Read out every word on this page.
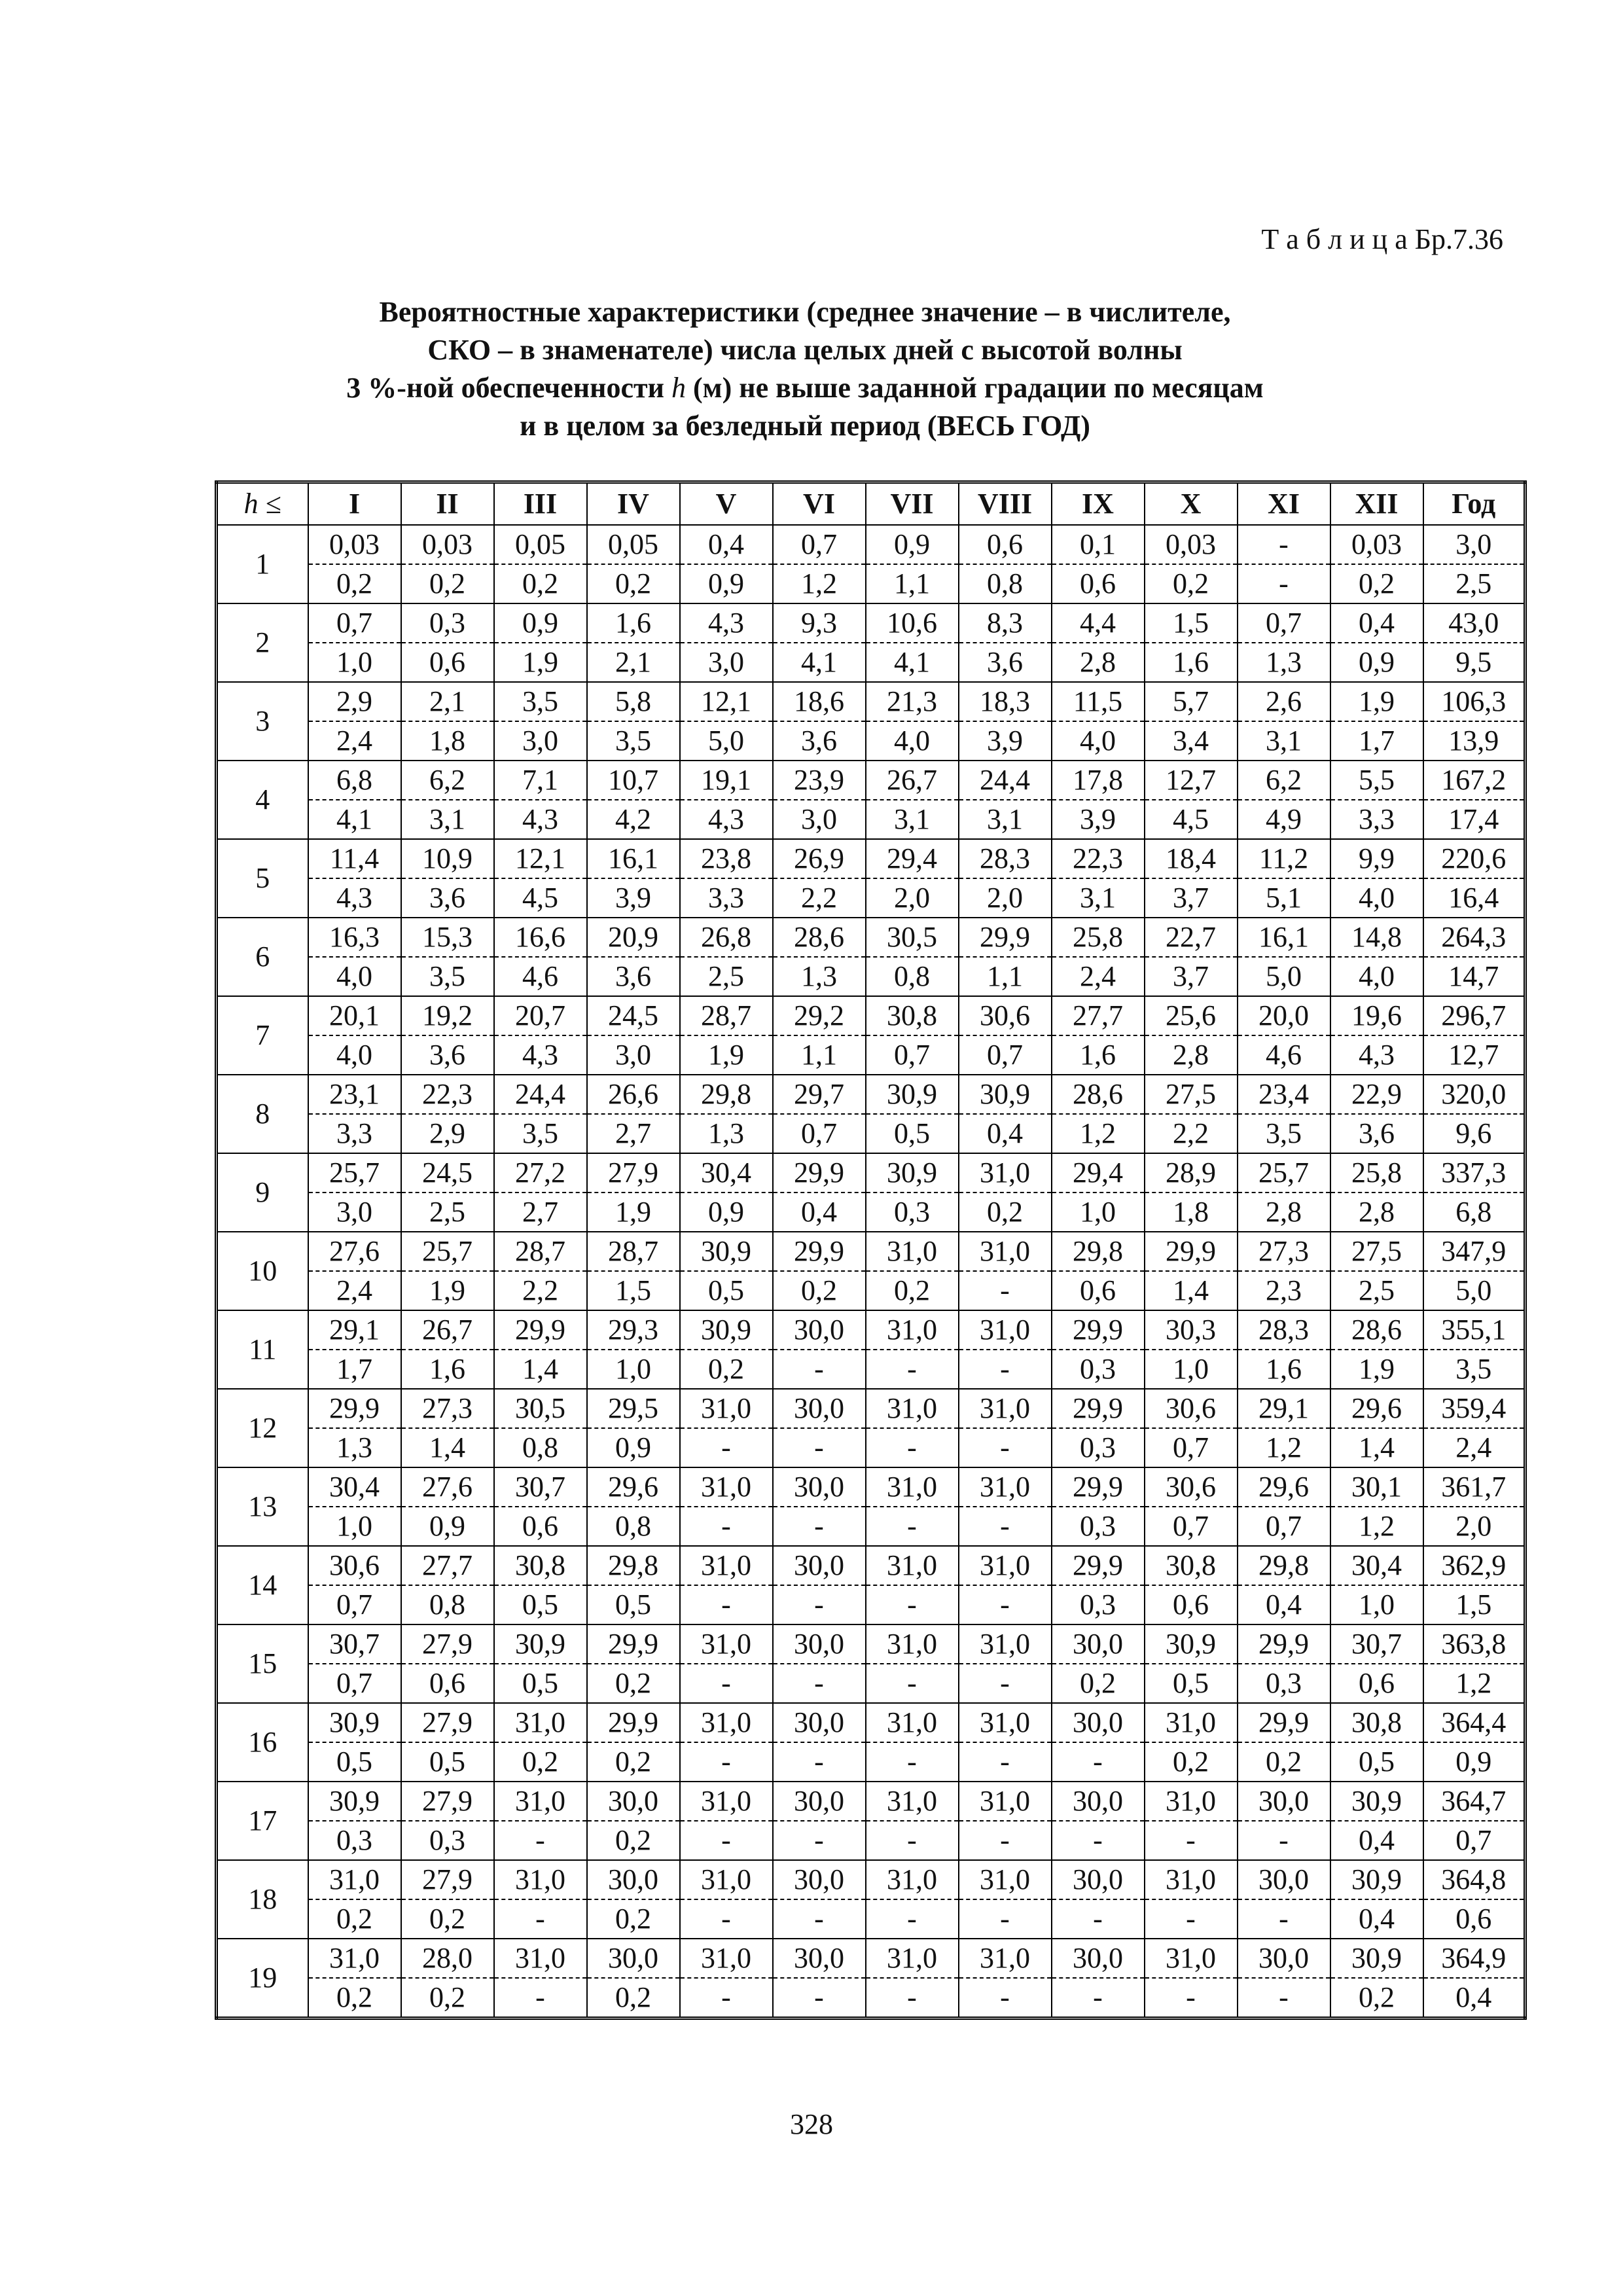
Т а б л и ц а Бр.7.36

Вероятностные характеристики (среднее значение – в числителе,
СКО – в знаменателе) числа целых дней с высотой волны
3 %-ной обеспеченности h (м) не выше заданной градации по месяцам
и в целом за безледный период (ВЕСЬ ГОД)
h ≤	I	II	III	IV	V	VI	VII	VIII	IX	X	XI	XII	Год
1	0,03	0,03	0,05	0,05	0,4	0,7	0,9	0,6	0,1	0,03	-	0,03	3,0
	0,2	0,2	0,2	0,2	0,9	1,2	1,1	0,8	0,6	0,2	-	0,2	2,5
2	0,7	0,3	0,9	1,6	4,3	9,3	10,6	8,3	4,4	1,5	0,7	0,4	43,0
	1,0	0,6	1,9	2,1	3,0	4,1	4,1	3,6	2,8	1,6	1,3	0,9	9,5
3	2,9	2,1	3,5	5,8	12,1	18,6	21,3	18,3	11,5	5,7	2,6	1,9	106,3
	2,4	1,8	3,0	3,5	5,0	3,6	4,0	3,9	4,0	3,4	3,1	1,7	13,9
4	6,8	6,2	7,1	10,7	19,1	23,9	26,7	24,4	17,8	12,7	6,2	5,5	167,2
	4,1	3,1	4,3	4,2	4,3	3,0	3,1	3,1	3,9	4,5	4,9	3,3	17,4
5	11,4	10,9	12,1	16,1	23,8	26,9	29,4	28,3	22,3	18,4	11,2	9,9	220,6
	4,3	3,6	4,5	3,9	3,3	2,2	2,0	2,0	3,1	3,7	5,1	4,0	16,4
6	16,3	15,3	16,6	20,9	26,8	28,6	30,5	29,9	25,8	22,7	16,1	14,8	264,3
	4,0	3,5	4,6	3,6	2,5	1,3	0,8	1,1	2,4	3,7	5,0	4,0	14,7
7	20,1	19,2	20,7	24,5	28,7	29,2	30,8	30,6	27,7	25,6	20,0	19,6	296,7
	4,0	3,6	4,3	3,0	1,9	1,1	0,7	0,7	1,6	2,8	4,6	4,3	12,7
8	23,1	22,3	24,4	26,6	29,8	29,7	30,9	30,9	28,6	27,5	23,4	22,9	320,0
	3,3	2,9	3,5	2,7	1,3	0,7	0,5	0,4	1,2	2,2	3,5	3,6	9,6
9	25,7	24,5	27,2	27,9	30,4	29,9	30,9	31,0	29,4	28,9	25,7	25,8	337,3
	3,0	2,5	2,7	1,9	0,9	0,4	0,3	0,2	1,0	1,8	2,8	2,8	6,8
10	27,6	25,7	28,7	28,7	30,9	29,9	31,0	31,0	29,8	29,9	27,3	27,5	347,9
	2,4	1,9	2,2	1,5	0,5	0,2	0,2	-	0,6	1,4	2,3	2,5	5,0
11	29,1	26,7	29,9	29,3	30,9	30,0	31,0	31,0	29,9	30,3	28,3	28,6	355,1
	1,7	1,6	1,4	1,0	0,2	-	-	-	0,3	1,0	1,6	1,9	3,5
12	29,9	27,3	30,5	29,5	31,0	30,0	31,0	31,0	29,9	30,6	29,1	29,6	359,4
	1,3	1,4	0,8	0,9	-	-	-	-	0,3	0,7	1,2	1,4	2,4
13	30,4	27,6	30,7	29,6	31,0	30,0	31,0	31,0	29,9	30,6	29,6	30,1	361,7
	1,0	0,9	0,6	0,8	-	-	-	-	0,3	0,7	0,7	1,2	2,0
14	30,6	27,7	30,8	29,8	31,0	30,0	31,0	31,0	29,9	30,8	29,8	30,4	362,9
	0,7	0,8	0,5	0,5	-	-	-	-	0,3	0,6	0,4	1,0	1,5
15	30,7	27,9	30,9	29,9	31,0	30,0	31,0	31,0	30,0	30,9	29,9	30,7	363,8
	0,7	0,6	0,5	0,2	-	-	-	-	0,2	0,5	0,3	0,6	1,2
16	30,9	27,9	31,0	29,9	31,0	30,0	31,0	31,0	30,0	31,0	29,9	30,8	364,4
	0,5	0,5	0,2	0,2	-	-	-	-	-	0,2	0,2	0,5	0,9
17	30,9	27,9	31,0	30,0	31,0	30,0	31,0	31,0	30,0	31,0	30,0	30,9	364,7
	0,3	0,3	-	0,2	-	-	-	-	-	-	-	0,4	0,7
18	31,0	27,9	31,0	30,0	31,0	30,0	31,0	31,0	30,0	31,0	30,0	30,9	364,8
	0,2	0,2	-	0,2	-	-	-	-	-	-	-	0,4	0,6
19	31,0	28,0	31,0	30,0	31,0	30,0	31,0	31,0	30,0	31,0	30,0	30,9	364,9
	0,2	0,2	-	0,2	-	-	-	-	-	-	-	0,2	0,4

328
